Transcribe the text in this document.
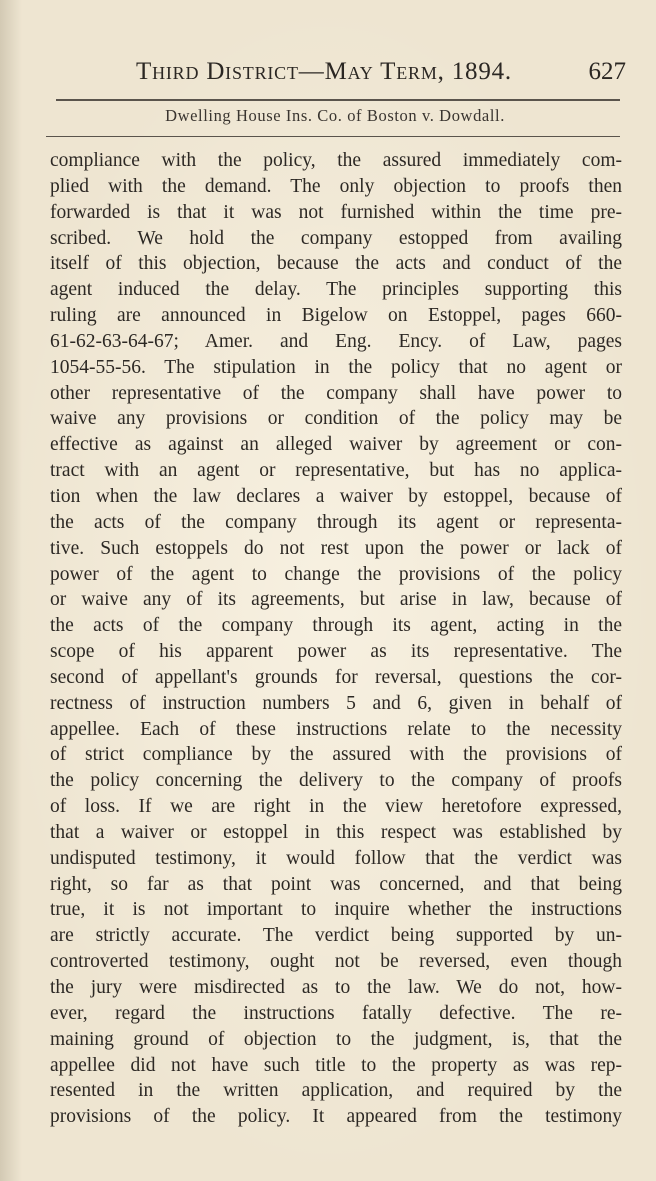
Third District—May Term, 1894.	627
Dwelling House Ins. Co. of Boston v. Dowdall.
compliance with the policy, the assured immediately com-
plied with the demand. The only objection to proofs then
forwarded is that it was not furnished within the time pre-
scribed. We hold the company estopped from availing
itself of this objection, because the acts and conduct of the
agent induced the delay. The principles supporting this
ruling are announced in Bigelow on Estoppel, pages 660-
61-62-63-64-67; Amer. and Eng. Ency. of Law, pages
1054-55-56. The stipulation in the policy that no agent or
other representative of the company shall have power to
waive any provisions or condition of the policy may be
effective as against an alleged waiver by agreement or con-
tract with an agent or representative, but has no applica-
tion when the law declares a waiver by estoppel, because of
the acts of the company through its agent or representa-
tive. Such estoppels do not rest upon the power or lack of
power of the agent to change the provisions of the policy
or waive any of its agreements, but arise in law, because of
the acts of the company through its agent, acting in the
scope of his apparent power as its representative. The
second of appellant's grounds for reversal, questions the cor-
rectness of instruction numbers 5 and 6, given in behalf of
appellee. Each of these instructions relate to the necessity
of strict compliance by the assured with the provisions of
the policy concerning the delivery to the company of proofs
of loss. If we are right in the view heretofore expressed,
that a waiver or estoppel in this respect was established by
undisputed testimony, it would follow that the verdict was
right, so far as that point was concerned, and that being
true, it is not important to inquire whether the instructions
are strictly accurate. The verdict being supported by un-
controverted testimony, ought not be reversed, even though
the jury were misdirected as to the law. We do not, how-
ever, regard the instructions fatally defective. The re-
maining ground of objection to the judgment, is, that the
appellee did not have such title to the property as was rep-
resented in the written application, and required by the
provisions of the policy. It appeared from the testimony
